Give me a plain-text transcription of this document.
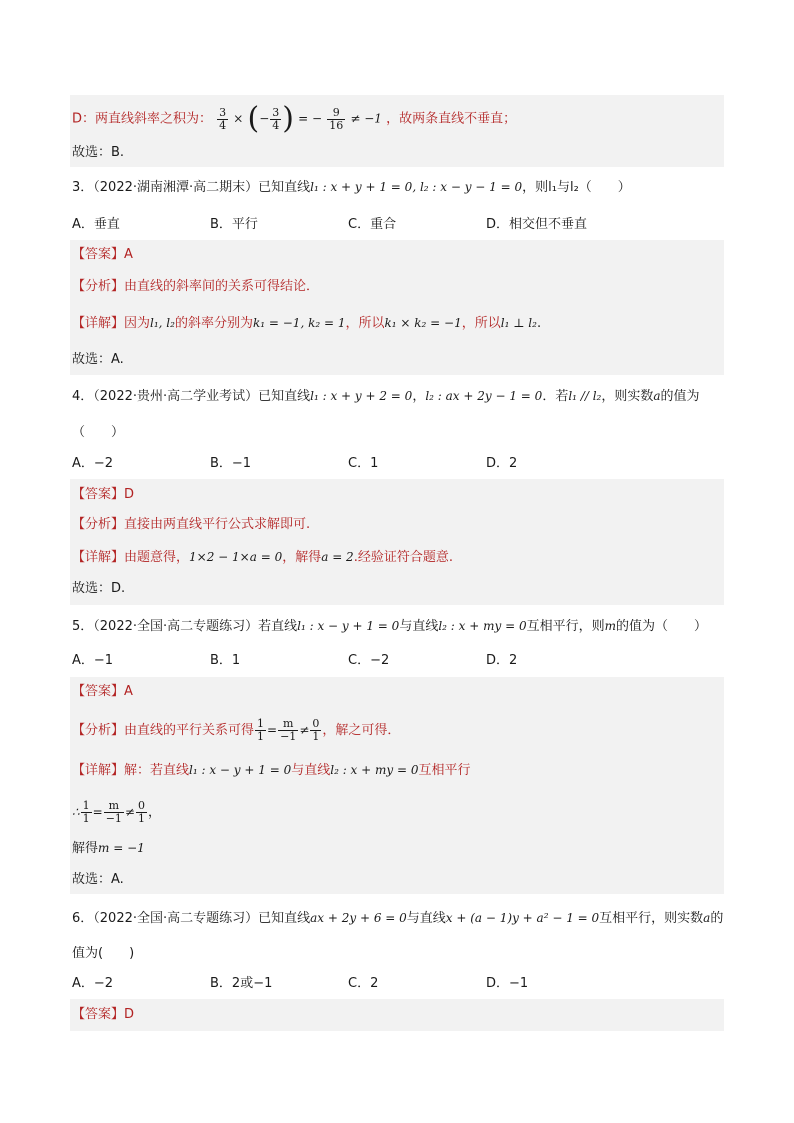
D：两直线斜率之积为： $\frac{3}{4}$ × (− $\frac{3}{4}$ ) = − $\frac{9}{16} \ne -1$ ，故两条直线不垂直；
故选：B.
3．（2022·湖南湘潭·高二期末）已知直线l₁ : x + y + 1 = 0, l₂ : x − y − 1 = 0，则l₁与l₂（　　）
A．垂直	B．平行	C．重合	D．相交但不垂直
【答案】A
【分析】由直线的斜率间的关系可得结论．
【详解】因为l₁, l₂的斜率分别为k₁ = −1, k₂ = 1，所以k₁ × k₂ = −1，所以l₁ ⊥ l₂.
故选：A.
4．（2022·贵州·高二学业考试）已知直线l₁ : x + y + 2 = 0，l₂ : ax + 2y − 1 = 0．若l₁ // l₂，则实数a的值为
（　　）
A．−2	B．−1	C．1	D．2
【答案】D
【分析】直接由两直线平行公式求解即可.
【详解】由题意得，1×2 − 1×a = 0，解得a = 2.经验证符合题意.
故选：D.
5．（2022·全国·高二专题练习）若直线l₁ : x − y + 1 = 0与直线l₂ : x + my = 0互相平行，则m的值为（　　）
A．−1	B．1	C．−2	D．2
【答案】A
【分析】由直线的平行关系可得 $\frac{1}{1} = \frac{m}{-1} \ne \frac{0}{1}$ ，解之可得．
【详解】解：若直线l₁ : x − y + 1 = 0与直线l₂ : x + my = 0互相平行
∴ $\frac{1}{1} = \frac{m}{-1} \ne \frac{0}{1}$ ，
解得m = −1
故选：A.
6．（2022·全国·高二专题练习）已知直线ax + 2y + 6 = 0与直线x + (a − 1)y + a² − 1 = 0互相平行，则实数a的
值为(　　)
A．−2	B．2或−1	C．2	D．−1
【答案】D
